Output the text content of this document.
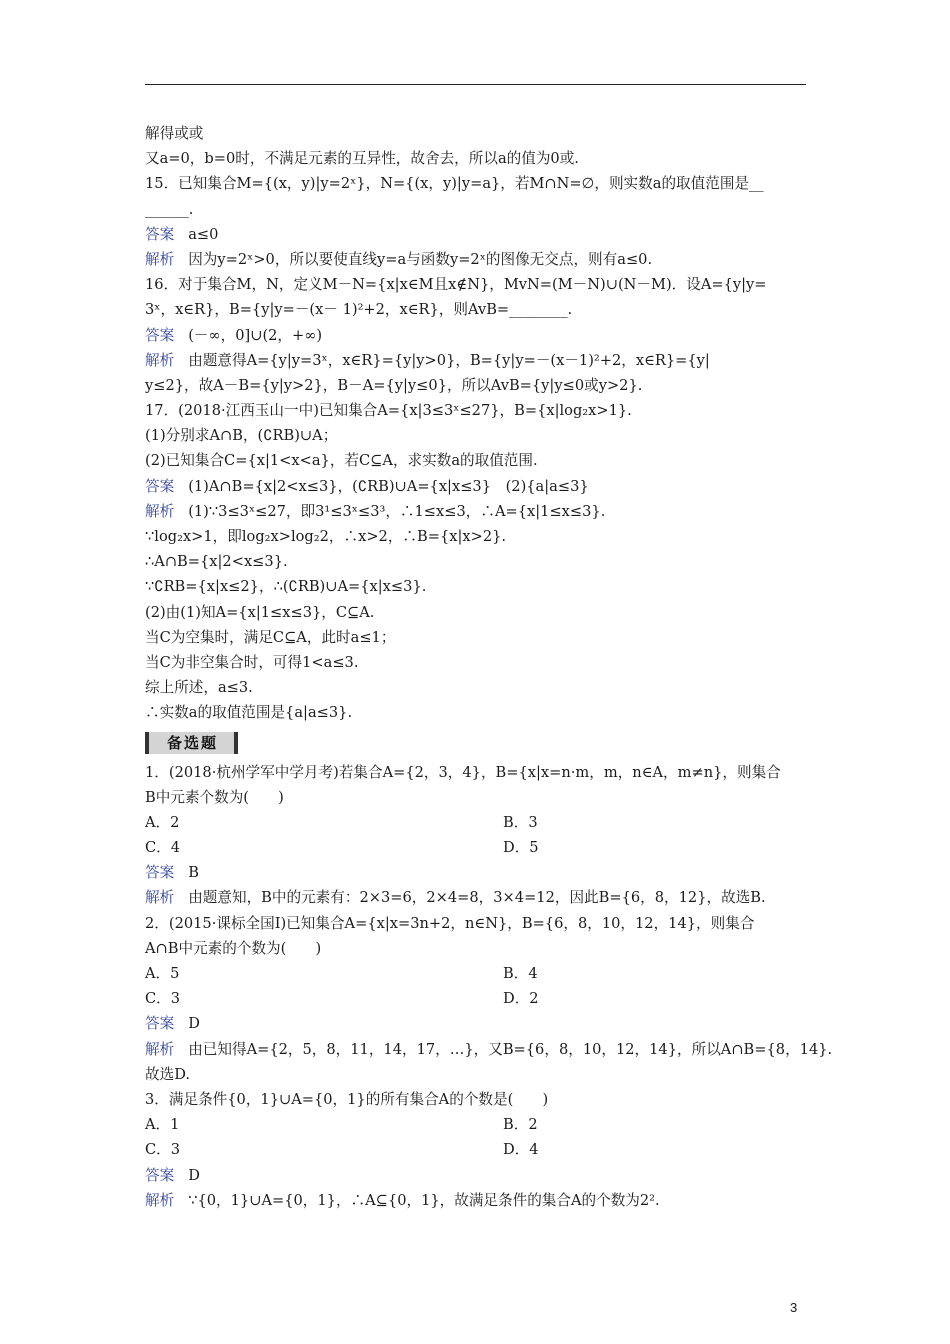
解得或或
又a=0，b=0时，不满足元素的互异性，故舍去，所以a的值为0或.
15．已知集合M={(x，y)|y=2ˣ}，N={(x，y)|y=a}，若M∩N=∅，则实数a的取值范围是__
______.
答案 a≤0
解析 因为y=2ˣ>0，所以要使直线y=a与函数y=2ˣ的图像无交点，则有a≤0.
16．对于集合M，N，定义M－N={x|x∈M且x∉N}，MvN=(M－N)∪(N－M)．设A={y|y=
3ˣ，x∈R}，B={y|y=－(x－ 1)²+2，x∈R}，则AvB=________.
答案 (－∞，0]∪(2，+∞)
解析 由题意得A={y|y=3ˣ，x∈R}={y|y>0}，B={y|y=－(x－1)²+2，x∈R}={y|
y≤2}，故A－B={y|y>2}，B－A={y|y≤0}，所以AvB={y|y≤0或y>2}.
17．(2018·江西玉山一中)已知集合A={x|3≤3ˣ≤27}，B={x|log₂x>1}.
(1)分别求A∩B，(∁RB)∪A；
(2)已知集合C={x|1<x<a}，若C⊆A，求实数a的取值范围.
答案 (1)A∩B={x|2<x≤3}，(∁RB)∪A={x|x≤3}　(2){a|a≤3}
解析 (1)∵3≤3ˣ≤27，即3¹≤3ˣ≤3³，∴1≤x≤3，∴A={x|1≤x≤3}.
∵log₂x>1，即log₂x>log₂2，∴x>2，∴B={x|x>2}.
∴A∩B={x|2<x≤3}.
∵∁RB={x|x≤2}，∴(∁RB)∪A={x|x≤3}.
(2)由(1)知A={x|1≤x≤3}，C⊆A.
当C为空集时，满足C⊆A，此时a≤1；
当C为非空集合时，可得1<a≤3.
综上所述，a≤3.
∴实数a的取值范围是{a|a≤3}.
备选题
1．(2018·杭州学军中学月考)若集合A={2，3，4}，B={x|x=n·m，m，n∈A，m≠n}，则集合
B中元素个数为(　　)
A．2	B．3
C．4	D．5
答案 B
解析 由题意知，B中的元素有：2×3=6，2×4=8，3×4=12，因此B={6，8，12}，故选B.
2．(2015·课标全国Ⅰ)已知集合A={x|x=3n+2，n∈N}，B={6，8，10，12，14}，则集合
A∩B中元素的个数为(　　)
A．5	B．4
C．3	D．2
答案 D
解析 由已知得A={2，5，8，11，14，17，…}，又B={6，8，10，12，14}，所以A∩B={8，14}.
故选D.
3．满足条件{0，1}∪A={0，1}的所有集合A的个数是(　　)
A．1	B．2
C．3	D．4
答案 D
解析 ∵{0，1}∪A={0，1}，∴A⊆{0，1}，故满足条件的集合A的个数为2².
3
